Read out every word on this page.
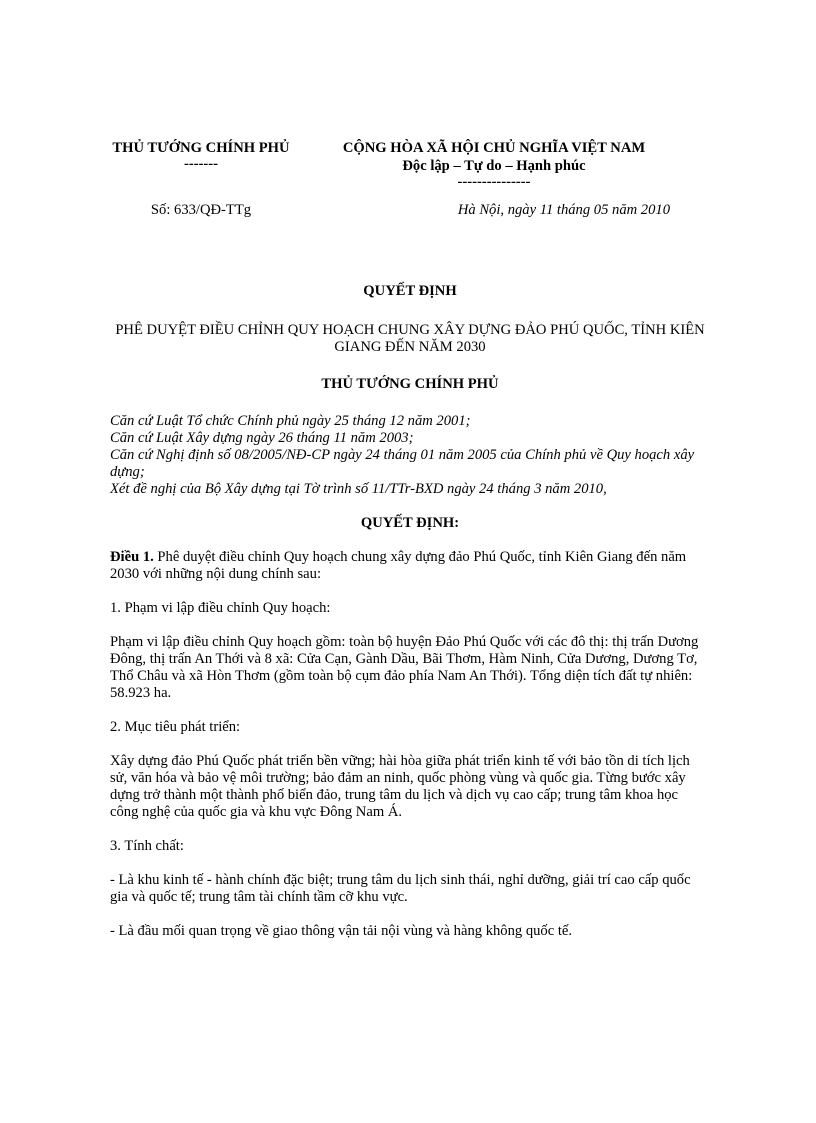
THỦ TƯỚNG CHÍNH PHỦ
-------
CỘNG HÒA XÃ HỘI CHỦ NGHĨA VIỆT NAM
Độc lập – Tự do – Hạnh phúc
---------------
Số: 633/QĐ-TTg	Hà Nội, ngày 11 tháng 05 năm 2010

QUYẾT ĐỊNH

PHÊ DUYỆT ĐIỀU CHỈNH QUY HOẠCH CHUNG XÂY DỰNG ĐẢO PHÚ QUỐC, TỈNH KIÊN GIANG ĐẾN NĂM 2030

THỦ TƯỚNG CHÍNH PHỦ

Căn cứ Luật Tổ chức Chính phủ ngày 25 tháng 12 năm 2001;

Căn cứ Luật Xây dựng ngày 26 tháng 11 năm 2003;

Căn cứ Nghị định số 08/2005/NĐ-CP ngày 24 tháng 01 năm 2005 của Chính phủ về Quy hoạch xây dựng;

Xét đề nghị của Bộ Xây dựng tại Tờ trình số 11/TTr-BXD ngày 24 tháng 3 năm 2010,

QUYẾT ĐỊNH:

Điều 1. Phê duyệt điều chỉnh Quy hoạch chung xây dựng đảo Phú Quốc, tỉnh Kiên Giang đến năm 2030 với những nội dung chính sau:

1. Phạm vi lập điều chỉnh Quy hoạch:

Phạm vi lập điều chỉnh Quy hoạch gồm: toàn bộ huyện Đảo Phú Quốc với các đô thị: thị trấn Dương Đông, thị trấn An Thới và 8 xã: Cửa Cạn, Gành Dầu, Bãi Thơm, Hàm Ninh, Cửa Dương, Dương Tơ, Thổ Châu và xã Hòn Thơm (gồm toàn bộ cụm đảo phía Nam An Thới). Tổng diện tích đất tự nhiên: 58.923 ha.

2. Mục tiêu phát triển:

Xây dựng đảo Phú Quốc phát triển bền vững; hài hòa giữa phát triển kinh tế với bảo tồn di tích lịch sử, văn hóa và bảo vệ môi trường; bảo đảm an ninh, quốc phòng vùng và quốc gia. Từng bước xây dựng trở thành một thành phố biển đảo, trung tâm du lịch và dịch vụ cao cấp; trung tâm khoa học công nghệ của quốc gia và khu vực Đông Nam Á.

3. Tính chất:

- Là khu kinh tế - hành chính đặc biệt; trung tâm du lịch sinh thái, nghỉ dưỡng, giải trí cao cấp quốc gia và quốc tế; trung tâm tài chính tầm cỡ khu vực.

- Là đầu mối quan trọng về giao thông vận tải nội vùng và hàng không quốc tế.
